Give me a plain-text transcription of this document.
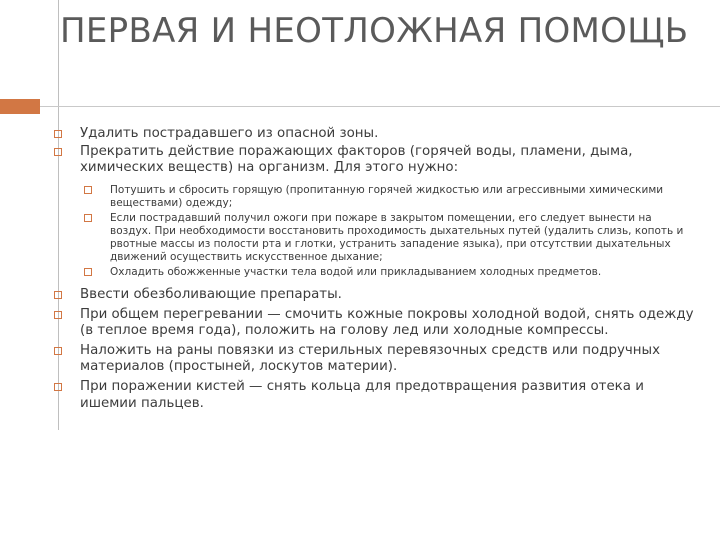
ПЕРВАЯ И НЕОТЛОЖНАЯ ПОМОЩЬ
Удалить пострадавшего из опасной зоны.
Прекратить действие поражающих факторов (горячей воды, пламени, дыма, химических веществ) на организм. Для этого нужно:
Потушить и сбросить горящую (пропитанную горячей жидкостью или агрессивными химическими веществами) одежду;
Если пострадавший получил ожоги при пожаре в закрытом помещении, его следует вынести на воздух. При необходимости восстановить проходимость дыхательных путей (удалить слизь, копоть и рвотные массы из полости рта и глотки, устранить западение языка), при отсутствии дыхательных движений осуществить искусственное дыхание;
Охладить обожженные участки тела водой или прикладыванием холодных предметов.
Ввести обезболивающие препараты.
При общем перегревании — смочить кожные покровы холодной водой, снять одежду (в теплое время года), положить на голову лед или холодные компрессы.
Наложить на раны повязки из стерильных перевязочных средств или подручных материалов (простыней, лоскутов материи).
При поражении кистей — снять кольца для предотвращения развития отека и ишемии пальцев.
